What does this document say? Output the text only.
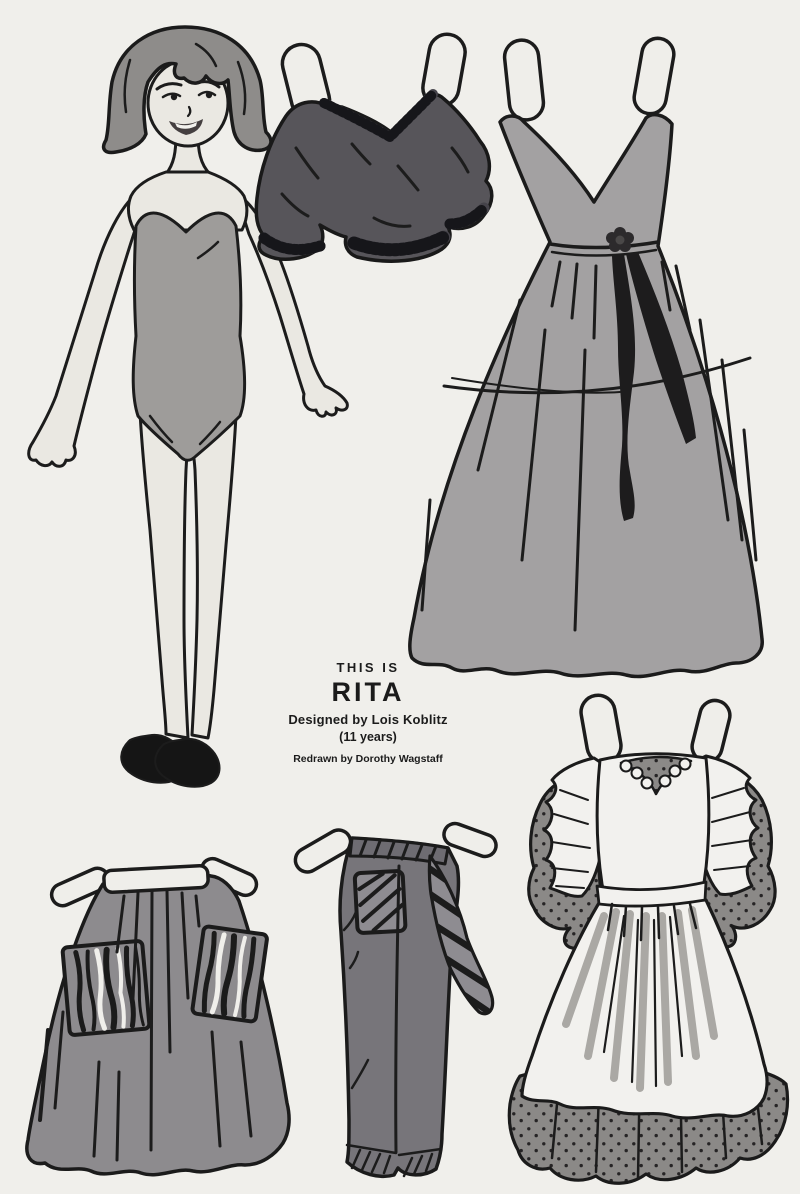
THIS IS
RITA
Designed by Lois Koblitz
(11 years)
Redrawn by Dorothy Wagstaff
